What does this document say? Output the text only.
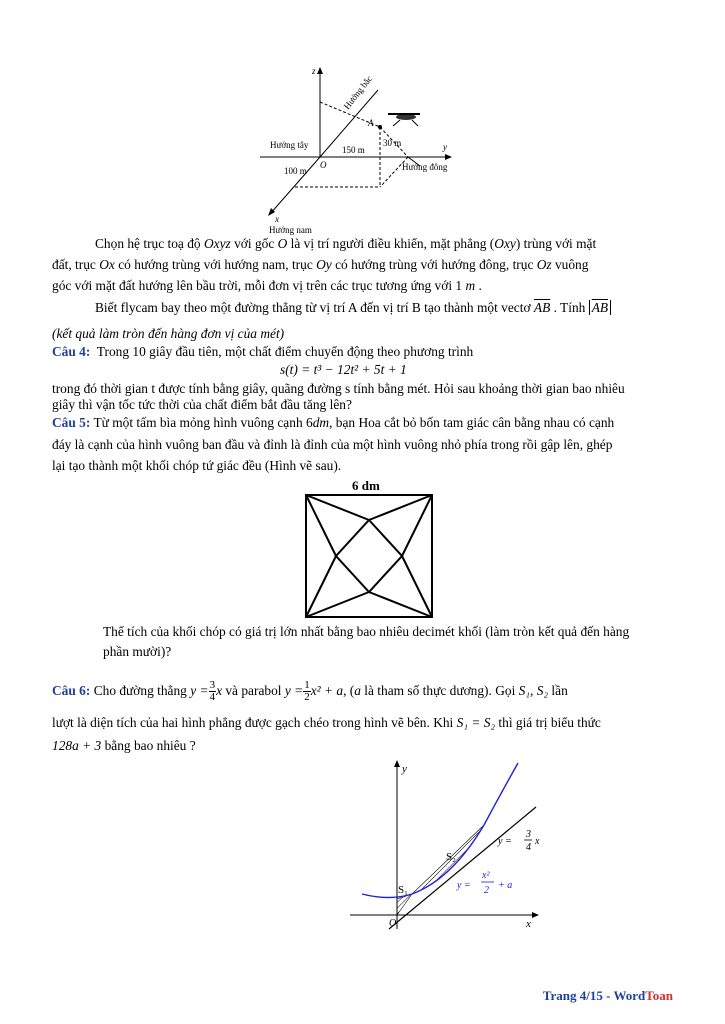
z
Hướng bắc
A
Hướng tây	y
30 m
150 m
O	Hướng đông
100 m
x
Hướng nam
Chọn hệ trục toạ độ Oxyz với gốc O là vị trí người điều khiển, mặt phẳng (Oxy) trùng với mặt
đất, trục Ox có hướng trùng với hướng nam, trục Oy có hướng trùng với hướng đông, trục Oz vuông
góc với mặt đất hướng lên bầu trời, mỗi đơn vị trên các trục tương ứng với 1 m .
Biết flycam bay theo một đường thẳng từ vị trí A đến vị trí B tạo thành một vectơ $\overline{AB}$ . Tính $\overline{AB}$
(kết quả làm tròn đến hàng đơn vị của mét)
Câu 4: Trong 10 giây đầu tiên, một chất điểm chuyển động theo phương trình
s(t) = t³ − 12t² + 5t + 1
trong đó thời gian t được tính bằng giây, quãng đường s tính bằng mét. Hỏi sau khoảng thời gian bao nhiêu
giây thì vận tốc tức thời của chất điểm bắt đầu tăng lên?
Câu 5: Từ một tấm bìa mỏng hình vuông cạnh 6dm, bạn Hoa cắt bỏ bốn tam giác cân bằng nhau có cạnh
đáy là cạnh của hình vuông ban đầu và đỉnh là đỉnh của một hình vuông nhỏ phía trong rồi gập lên, ghép
lại tạo thành một khối chóp tứ giác đều (Hình vẽ sau).
6 dm
Thể tích của khối chóp có giá trị lớn nhất bằng bao nhiêu decimét khối (làm tròn kết quả đến hàng
phần mười)?
Câu 6: Cho đường thẳng $y = \frac{3}{4}$ x và parabol $y = \frac{1}{2} x^2 + a$, (a là tham số thực dương). Gọi S₁, S₂ lần
lượt là diện tích của hai hình phẳng được gạch chéo trong hình vẽ bên. Khi S₁ = S₂ thì giá trị biểu thức
128a + 3 bằng bao nhiêu ?
y
x
O
S₁
S₂
y =
3
4
x
y =
x²
2 + a
Trang 4/15 - WordToan
